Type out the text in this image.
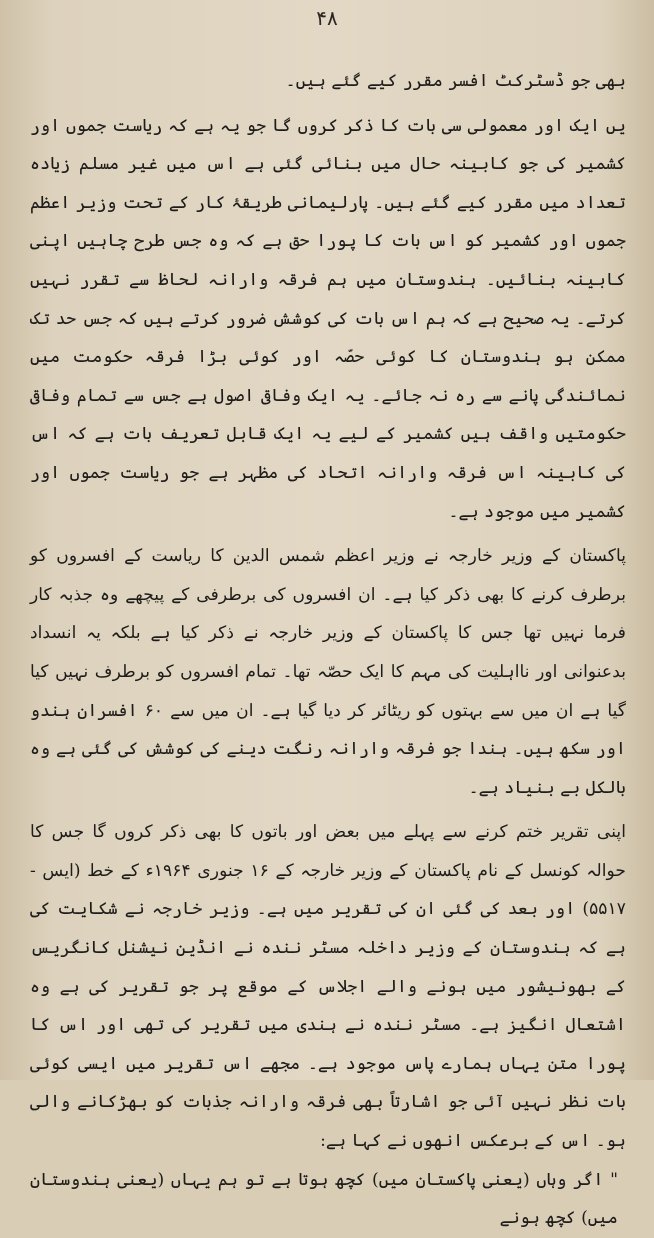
۴۸

بھی جو ڈسٹرکٹ افسر مقرر کیے گئے ہیں۔

یں ایک اور معمولی سی بات کا ذکر کروں گا جو یہ ہے کہ ریاست جموں اور کشمیر کی جو کابینہ حال میں بنائی گئی ہے اس میں غیر مسلم زیادہ تعداد میں مقرر کیے گئے ہیں۔ پارلیمانی طریقۂ کار کے تحت وزیر اعظم جموں اور کشمیر کو اس بات کا پورا حق ہے کہ وہ جس طرح چاہیں اپنی کابینہ بنائیں۔ ہندوستان میں ہم فرقہ وارانہ لحاظ سے تقرر نہیں کرتے۔ یہ صحیح ہے کہ ہم اس بات کی کوشش ضرور کرتے ہیں کہ جس حد تک ممکن ہو ہندوستان کا کوئی حصّہ اور کوئی بڑا فرقہ حکومت میں نمائندگی پانے سے رہ نہ جائے۔ یہ ایک وفاقی اصول ہے جس سے تمام وفاقی حکومتیں واقف ہیں کشمیر کے لیے یہ ایک قابل تعریف بات ہے کہ اس کی کابینہ اس فرقہ وارانہ اتحاد کی مظہر ہے جو ریاست جموں اور کشمیر میں موجود ہے۔

پاکستان کے وزیر خارجہ نے وزیر اعظم شمس الدین کا ریاست کے افسروں کو برطرف کرنے کا بھی ذکر کیا ہے۔ ان افسروں کی برطرفی کے پیچھے وہ جذبہ کار فرما نہیں تھا جس کا پاکستان کے وزیر خارجہ نے ذکر کیا ہے بلکہ یہ انسداد بدعنوانی اور نااہلیت کی مہم کا ایک حصّہ تھا۔ تمام افسروں کو برطرف نہیں کیا گیا ہے ان میں سے بہتوں کو ریٹائر کر دیا گیا ہے۔ ان میں سے ۶۰ افسران ہندو اور سکھ ہیں۔ ہندا جو فرقہ وارانہ رنگت دینے کی کوشش کی گئی ہے وہ بالکل بے بنیاد ہے۔

اپنی تقریر ختم کرنے سے پہلے میں بعض اور باتوں کا بھی ذکر کروں گا جس کا حوالہ کونسل کے نام پاکستان کے وزیر خارجہ کے ۱۶ جنوری ۱۹۶۴ء کے خط (ایس - ۵۵۱۷) اور بعد کی گئی ان کی تقریر میں ہے۔ وزیر خارجہ نے شکایت کی ہے کہ ہندوستان کے وزیر داخلہ مسٹر نندہ نے انڈین نیشنل کانگریس کے بھونیشور میں ہونے والے اجلاس کے موقع پر جو تقریر کی ہے وہ اشتعال انگیز ہے۔ مسٹر نندہ نے ہندی میں تقریر کی تھی اور اس کا پورا متن یہاں ہمارے پاس موجود ہے۔ مجھے اس تقریر میں ایسی کوئی بات نظر نہیں آئی جو اشارتاً بھی فرقہ وارانہ جذبات کو بھڑکانے والی ہو۔ اس کے برعکس انھوں نے کہا ہے:

" اگر وہاں (یعنی پاکستان میں) کچھ ہوتا ہے تو ہم یہاں (یعنی ہندوستان میں) کچھ ہونے
